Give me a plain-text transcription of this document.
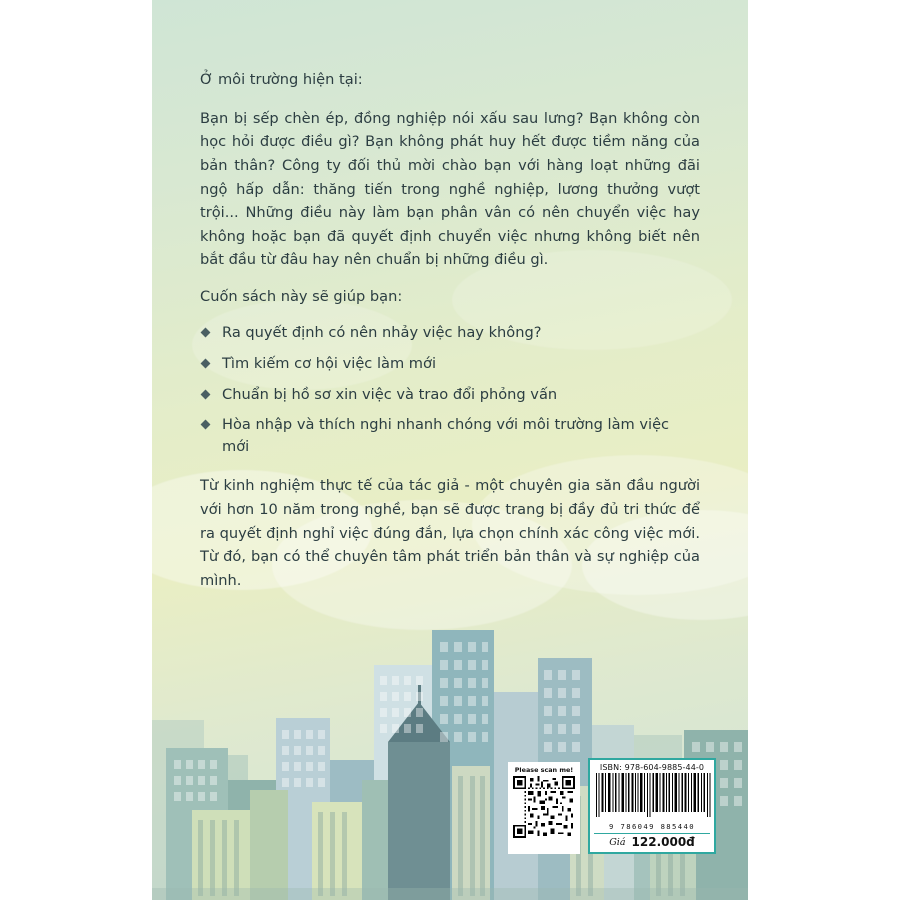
Ở môi trường hiện tại:

Bạn bị sếp chèn ép, đồng nghiệp nói xấu sau lưng? Bạn không còn học hỏi được điều gì? Bạn không phát huy hết được tiềm năng của bản thân? Công ty đối thủ mời chào bạn với hàng loạt những đãi ngộ hấp dẫn: thăng tiến trong nghề nghiệp, lương thưởng vượt trội... Những điều này làm bạn phân vân có nên chuyển việc hay không hoặc bạn đã quyết định chuyển việc nhưng không biết nên bắt đầu từ đâu hay nên chuẩn bị những điều gì.

Cuốn sách này sẽ giúp bạn:

Ra quyết định có nên nhảy việc hay không?
Tìm kiếm cơ hội việc làm mới
Chuẩn bị hồ sơ xin việc và trao đổi phỏng vấn
Hòa nhập và thích nghi nhanh chóng với môi trường làm việc mới

Từ kinh nghiệm thực tế của tác giả - một chuyên gia săn đầu người với hơn 10 năm trong nghề, bạn sẽ được trang bị đầy đủ tri thức để ra quyết định nghỉ việc đúng đắn, lựa chọn chính xác công việc mới. Từ đó, bạn có thể chuyên tâm phát triển bản thân và sự nghiệp của mình.

Please scan me!	ISBN: 978-604-9885-44-0
9 786049 885440
Giá 122.000đ
